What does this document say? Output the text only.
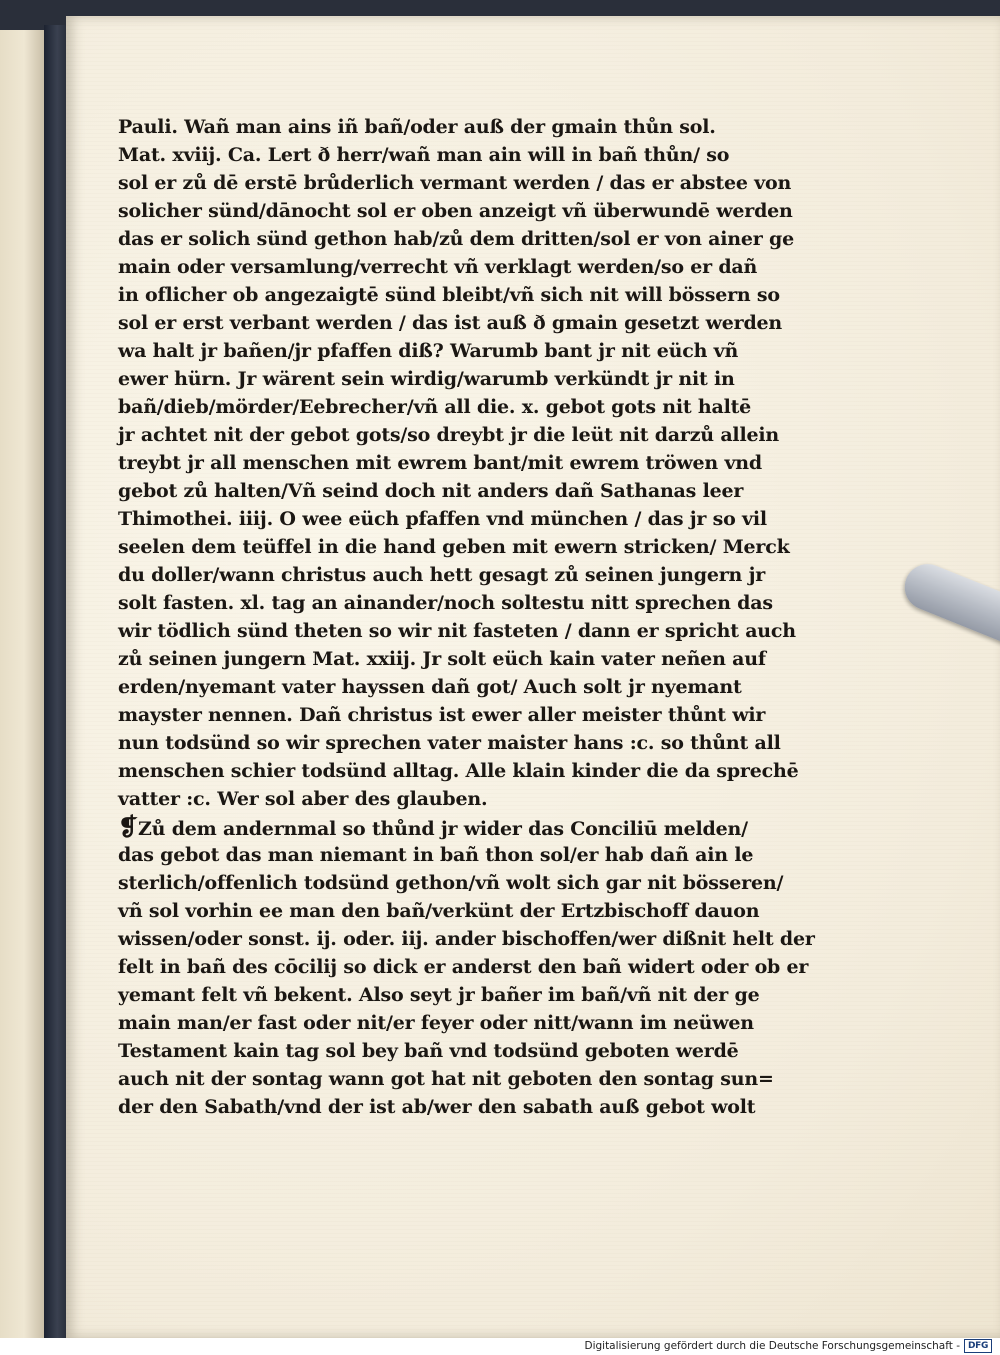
Pauli. Wañ man ains iñ bañ/oder auß der gmain thůn sol.
Mat. xviij. Ca. Lert ð herr/wañ man ain will in bañ thůn/ so
sol er zů dē erstē brůderlich vermant werden / das er abstee von
solicher sünd/dānocht sol er oben anzeigt vñ überwundē werden
das er solich sünd gethon hab/zů dem dritten/sol er von ainer ge
main oder versamlung/verrecht vñ verklagt werden/so er dañ
in oflicher ob angezaigtē sünd bleibt/vñ sich nit will bössern so
sol er erst verbant werden / das ist auß ð gmain gesetzt werden
wa halt jr bañen/jr pfaffen diß? Warumb bant jr nit eüch vñ
ewer hürn. Jr wärent sein wirdig/warumb verkündt jr nit in
bañ/dieb/mörder/Eebrecher/vñ all die. x. gebot gots nit haltē
jr achtet nit der gebot gots/so dreybt jr die leüt nit darzů allein
treybt jr all menschen mit ewrem bant/mit ewrem tröwen vnd
gebot zů halten/Vñ seind doch nit anders dañ Sathanas leer
Thimothei. iiij. O wee eüch pfaffen vnd münchen / das jr so vil
seelen dem teüffel in die hand geben mit ewern stricken/ Merck
du doller/wann christus auch hett gesagt zů seinen jungern jr
solt fasten. xl. tag an ainander/noch soltestu nitt sprechen das
wir tödlich sünd theten so wir nit fasteten / dann er spricht auch
zů seinen jungern Mat. xxiij. Jr solt eüch kain vater neñen auf
erden/nyemant vater hayssen dañ got/ Auch solt jr nyemant
mayster nennen. Dañ christus ist ewer aller meister thůnt wir
nun todsünd so wir sprechen vater maister hans :c. so thůnt all
menschen schier todsünd alltag. Alle klain kinder die da sprechē
vatter :c. Wer sol aber des glauben.
❡Zů dem andernmal so thůnd jr wider das Conciliū melden/
das gebot das man niemant in bañ thon sol/er hab dañ ain le
sterlich/offenlich todsünd gethon/vñ wolt sich gar nit bösseren/
vñ sol vorhin ee man den bañ/verkünt der Ertzbischoff dauon
wissen/oder sonst. ij. oder. iij. ander bischoffen/wer dißnit helt der
felt in bañ des cōcilij so dick er anderst den bañ widert oder ob er
yemant felt vñ bekent. Also seyt jr bañer im bañ/vñ nit der ge
main man/er fast oder nit/er feyer oder nitt/wann im neüwen
Testament kain tag sol bey bañ vnd todsünd geboten werdē
auch nit der sontag wann got hat nit geboten den sontag sun=
der den Sabath/vnd der ist ab/wer den sabath auß gebot wolt
Digitalisierung gefördert durch die Deutsche Forschungsgemeinschaft - DFG
